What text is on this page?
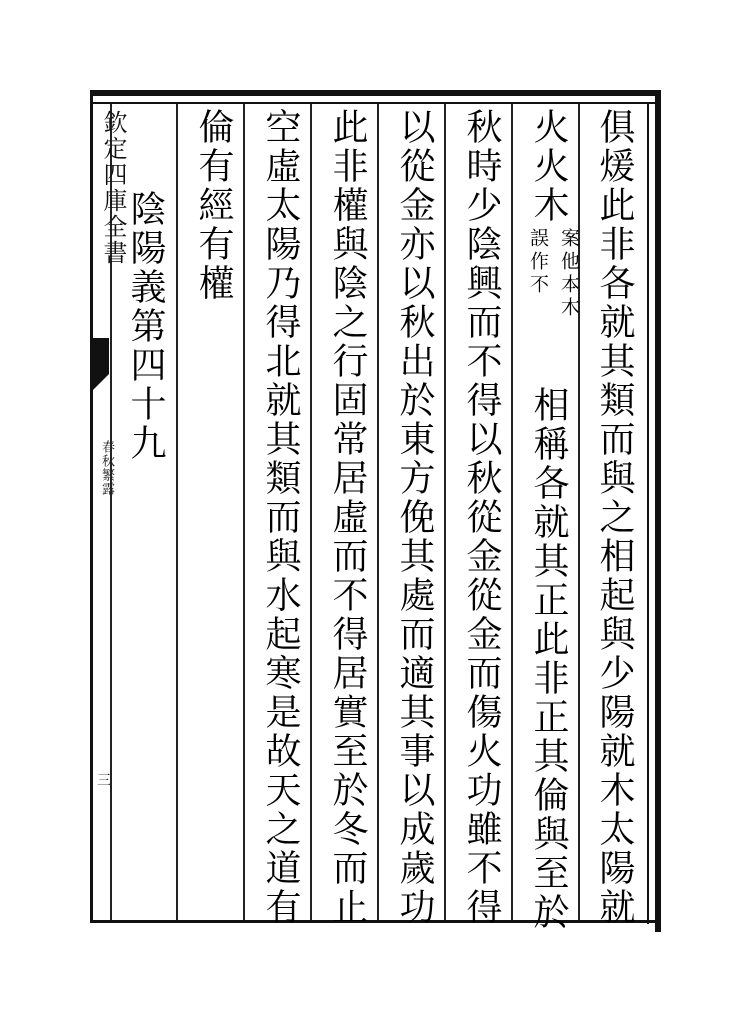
欽定四庫全書
春秋繁露
三	俱煖此非各就其類而與之相起與少陽就木太陽就
火火木
案他本木
誤作不
相稱各就其正此非正其倫與至於
秋時少陰興而不得以秋從金從金而傷火功雖不得
以從金亦以秋出於東方俛其處而適其事以成歲功
此非權與陰之行固常居虛而不得居實至於冬而止
空虛太陽乃得北就其類而與水起寒是故天之道有
倫有經有權
陰陽義第四十九
